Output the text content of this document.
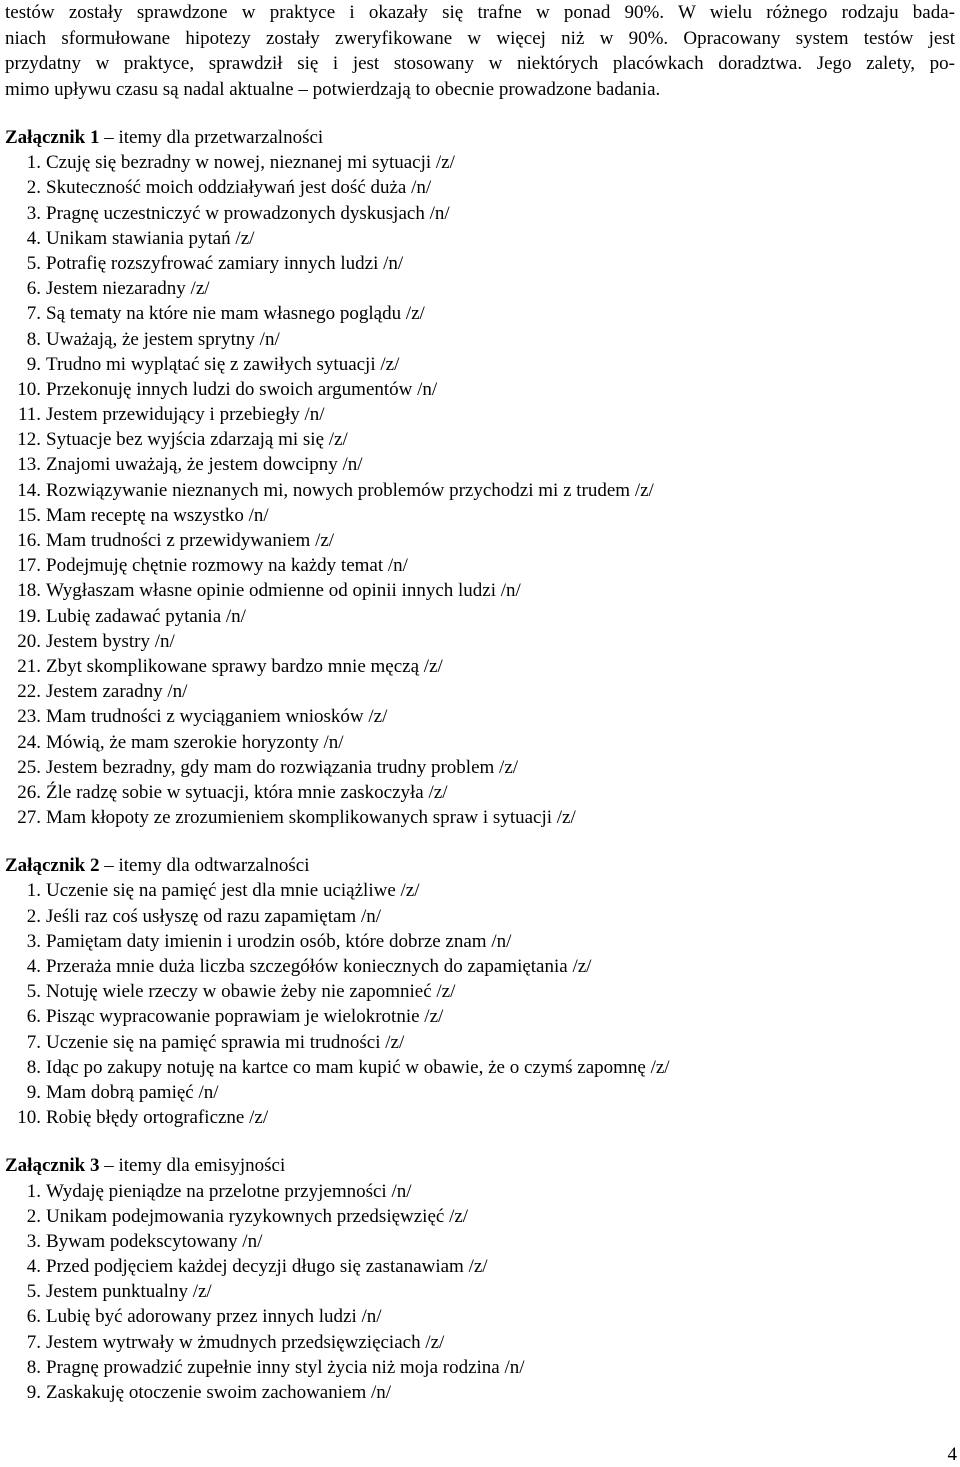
testów zostały sprawdzone w praktyce i okazały się trafne w ponad 90%. W wielu różnego rodzaju bada-
niach sformułowane hipotezy zostały zweryfikowane w więcej niż w 90%. Opracowany system testów jest
przydatny w praktyce, sprawdził się i jest stosowany w niektórych placówkach doradztwa. Jego zalety, po-
mimo upływu czasu są nadal aktualne – potwierdzają to obecnie prowadzone badania.

Załącznik 1 – itemy dla przetwarzalności

1. Czuję się bezradny w nowej, nieznanej mi sytuacji /z/

2. Skuteczność moich oddziaływań jest dość duża /n/

3. Pragnę uczestniczyć w prowadzonych dyskusjach /n/

4. Unikam stawiania pytań /z/

5. Potrafię rozszyfrować zamiary innych ludzi /n/

6. Jestem niezaradny /z/

7. Są tematy na które nie mam własnego poglądu /z/

8. Uważają, że jestem sprytny /n/

9. Trudno mi wyplątać się z zawiłych sytuacji /z/

10. Przekonuję innych ludzi do swoich argumentów /n/

11. Jestem przewidujący i przebiegły /n/

12. Sytuacje bez wyjścia zdarzają mi się /z/

13. Znajomi uważają, że jestem dowcipny /n/

14. Rozwiązywanie nieznanych mi, nowych problemów przychodzi mi z trudem /z/

15. Mam receptę na wszystko /n/

16. Mam trudności z przewidywaniem /z/

17. Podejmuję chętnie rozmowy na każdy temat /n/

18. Wygłaszam własne opinie odmienne od opinii innych ludzi /n/

19. Lubię zadawać pytania /n/

20. Jestem bystry /n/

21. Zbyt skomplikowane sprawy bardzo mnie męczą /z/

22. Jestem zaradny /n/

23. Mam trudności z wyciąganiem wniosków /z/

24. Mówią, że mam szerokie horyzonty /n/

25. Jestem bezradny, gdy mam do rozwiązania trudny problem /z/

26. Źle radzę sobie w sytuacji, która mnie zaskoczyła /z/

27. Mam kłopoty ze zrozumieniem skomplikowanych spraw i sytuacji /z/

Załącznik 2 – itemy dla odtwarzalności

1. Uczenie się na pamięć jest dla mnie uciążliwe /z/

2. Jeśli raz coś usłyszę od razu zapamiętam /n/

3. Pamiętam daty imienin i urodzin osób, które dobrze znam /n/

4. Przeraża mnie duża liczba szczegółów koniecznych do zapamiętania /z/

5. Notuję wiele rzeczy w obawie żeby nie zapomnieć /z/

6. Pisząc wypracowanie poprawiam je wielokrotnie /z/

7. Uczenie się na pamięć sprawia mi trudności /z/

8. Idąc po zakupy notuję na kartce co mam kupić w obawie, że o czymś zapomnę /z/

9. Mam dobrą pamięć /n/

10. Robię błędy ortograficzne /z/

Załącznik 3 – itemy dla emisyjności

1. Wydaję pieniądze na przelotne przyjemności /n/

2. Unikam podejmowania ryzykownych przedsięwzięć /z/

3. Bywam podekscytowany /n/

4. Przed podjęciem każdej decyzji długo się zastanawiam /z/

5. Jestem punktualny /z/

6. Lubię być adorowany przez innych ludzi /n/

7. Jestem wytrwały w żmudnych przedsięwzięciach /z/

8. Pragnę prowadzić zupełnie inny styl życia niż moja rodzina /n/

9. Zaskakuję otoczenie swoim zachowaniem /n/

4
